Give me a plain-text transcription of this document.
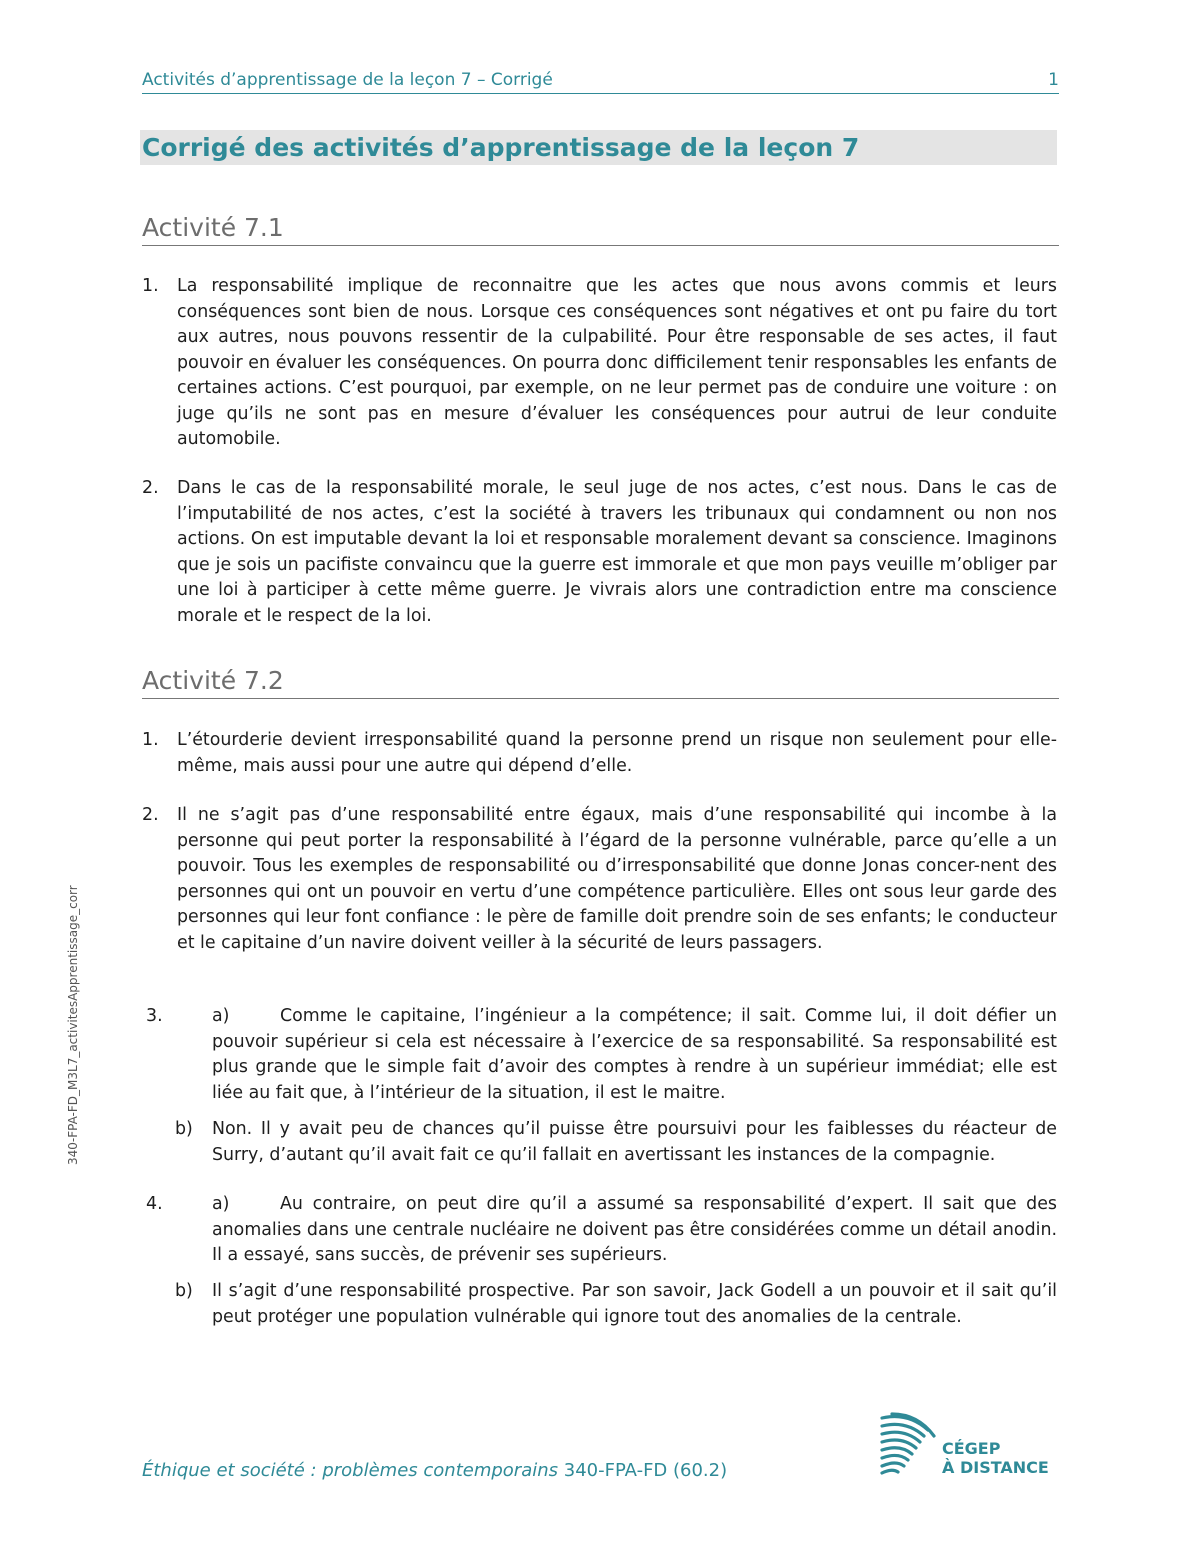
Activités d’apprentissage de la leçon 7 – Corrigé	1
340-FPA-FD_M3L7_activitesApprentissage_corr
Corrigé des activités d’apprentissage de la leçon 7
Activité 7.1
1. La responsabilité implique de reconnaitre que les actes que nous avons commis et leurs conséquences sont bien de nous. Lorsque ces conséquences sont négatives et ont pu faire du tort aux autres, nous pouvons ressentir de la culpabilité. Pour être responsable de ses actes, il faut pouvoir en évaluer les conséquences. On pourra donc difficilement tenir responsables les enfants de certaines actions. C’est pourquoi, par exemple, on ne leur permet pas de conduire une voiture : on juge qu’ils ne sont pas en mesure d’évaluer les conséquences pour autrui de leur conduite automobile.
2. Dans le cas de la responsabilité morale, le seul juge de nos actes, c’est nous. Dans le cas de l’imputabilité de nos actes, c’est la société à travers les tribunaux qui condamnent ou non nos actions. On est imputable devant la loi et responsable moralement devant sa conscience. Imaginons que je sois un pacifiste convaincu que la guerre est immorale et que mon pays veuille m’obliger par une loi à participer à cette même guerre. Je vivrais alors une contradiction entre ma conscience morale et le respect de la loi.
Activité 7.2
1. L’étourderie devient irresponsabilité quand la personne prend un risque non seulement pour elle-même, mais aussi pour une autre qui dépend d’elle.
2. Il ne s’agit pas d’une responsabilité entre égaux, mais d’une responsabilité qui incombe à la personne qui peut porter la responsabilité à l’égard de la personne vulnérable, parce qu’elle a un pouvoir. Tous les exemples de responsabilité ou d’irresponsabilité que donne Jonas concer-nent des personnes qui ont un pouvoir en vertu d’une compétence particulière. Elles ont sous leur garde des personnes qui leur font confiance : le père de famille doit prendre soin de ses enfants; le conducteur et le capitaine d’un navire doivent veiller à la sécurité de leurs passagers.
3.	a)	Comme le capitaine, l’ingénieur a la compétence; il sait. Comme lui, il doit défier un pouvoir supérieur si cela est nécessaire à l’exercice de sa responsabilité. Sa responsabilité est plus grande que le simple fait d’avoir des comptes à rendre à un supérieur immédiat; elle est liée au fait que, à l’intérieur de la situation, il est le maitre.
b) Non. Il y avait peu de chances qu’il puisse être poursuivi pour les faiblesses du réacteur de Surry, d’autant qu’il avait fait ce qu’il fallait en avertissant les instances de la compagnie.
4.	a)	Au contraire, on peut dire qu’il a assumé sa responsabilité d’expert. Il sait que des anomalies dans une centrale nucléaire ne doivent pas être considérées comme un détail anodin. Il a essayé, sans succès, de prévenir ses supérieurs.
b) Il s’agit d’une responsabilité prospective. Par son savoir, Jack Godell a un pouvoir et il sait qu’il peut protéger une population vulnérable qui ignore tout des anomalies de la centrale.
Éthique et société : problèmes contemporains 340-FPA-FD (60.2)
CÉGEP
À DISTANCE
